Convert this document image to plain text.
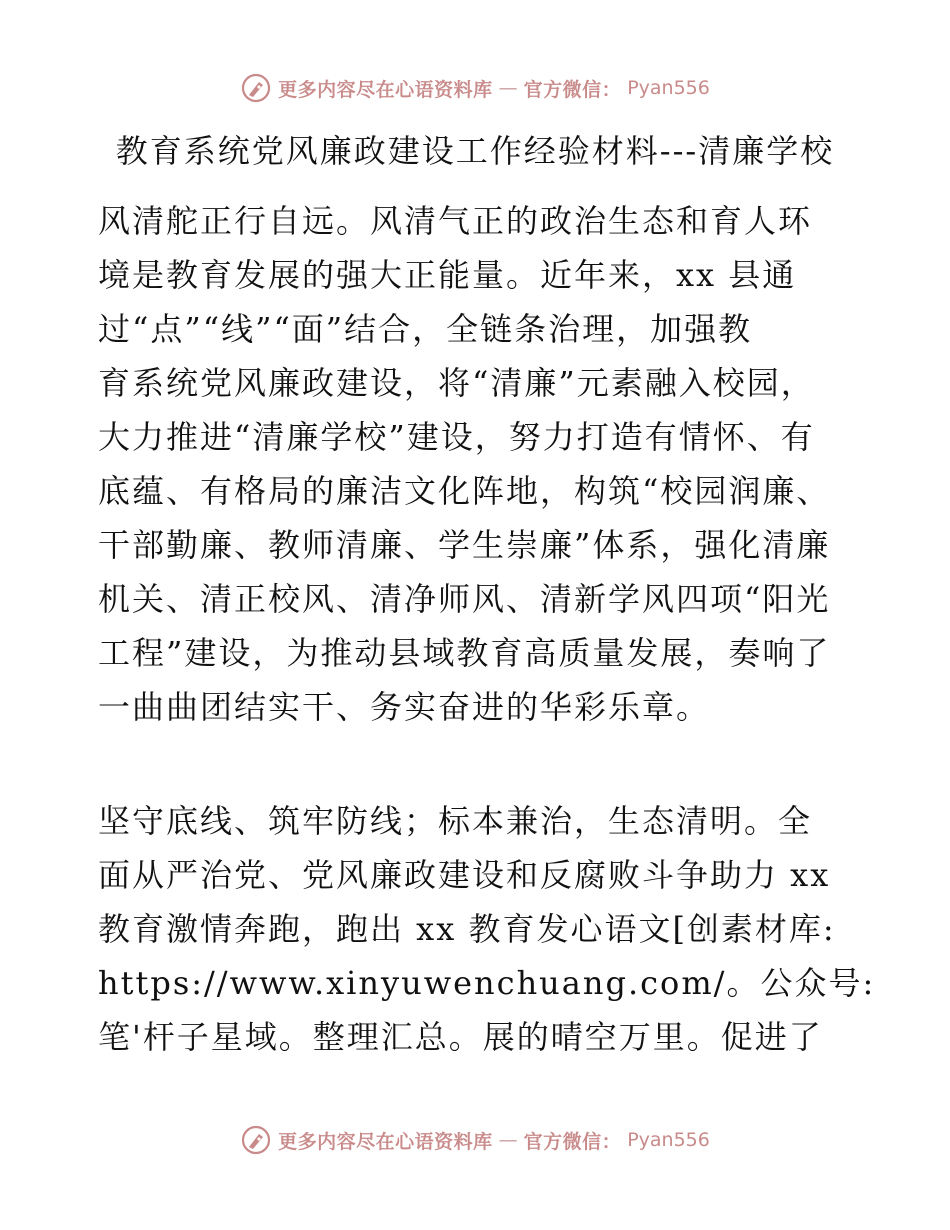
更多内容尽在心语资料库 — 官方微信： Pyan556
教育系统党风廉政建设工作经验材料---清廉学校
风清舵正行自远。风清气正的政治生态和育人环
境是教育发展的强大正能量。近年来，xx 县通
过“点”“线”“面”结合，全链条治理，加强教
育系统党风廉政建设，将“清廉”元素融入校园，
大力推进“清廉学校”建设，努力打造有情怀、有
底蕴、有格局的廉洁文化阵地，构筑“校园润廉、
干部勤廉、教师清廉、学生崇廉”体系，强化清廉
机关、清正校风、清净师风、清新学风四项“阳光
工程”建设，为推动县域教育高质量发展，奏响了
一曲曲团结实干、务实奋进的华彩乐章。
坚守底线、筑牢防线；标本兼治，生态清明。全
面从严治党、党风廉政建设和反腐败斗争助力 xx
教育激情奔跑，跑出 xx 教育发心语文[创素材库:
https://www.xinyuwenchuang.com/。公众号:
笔'杆子星域。整理汇总。展的晴空万里。促进了
更多内容尽在心语资料库 — 官方微信： Pyan556
